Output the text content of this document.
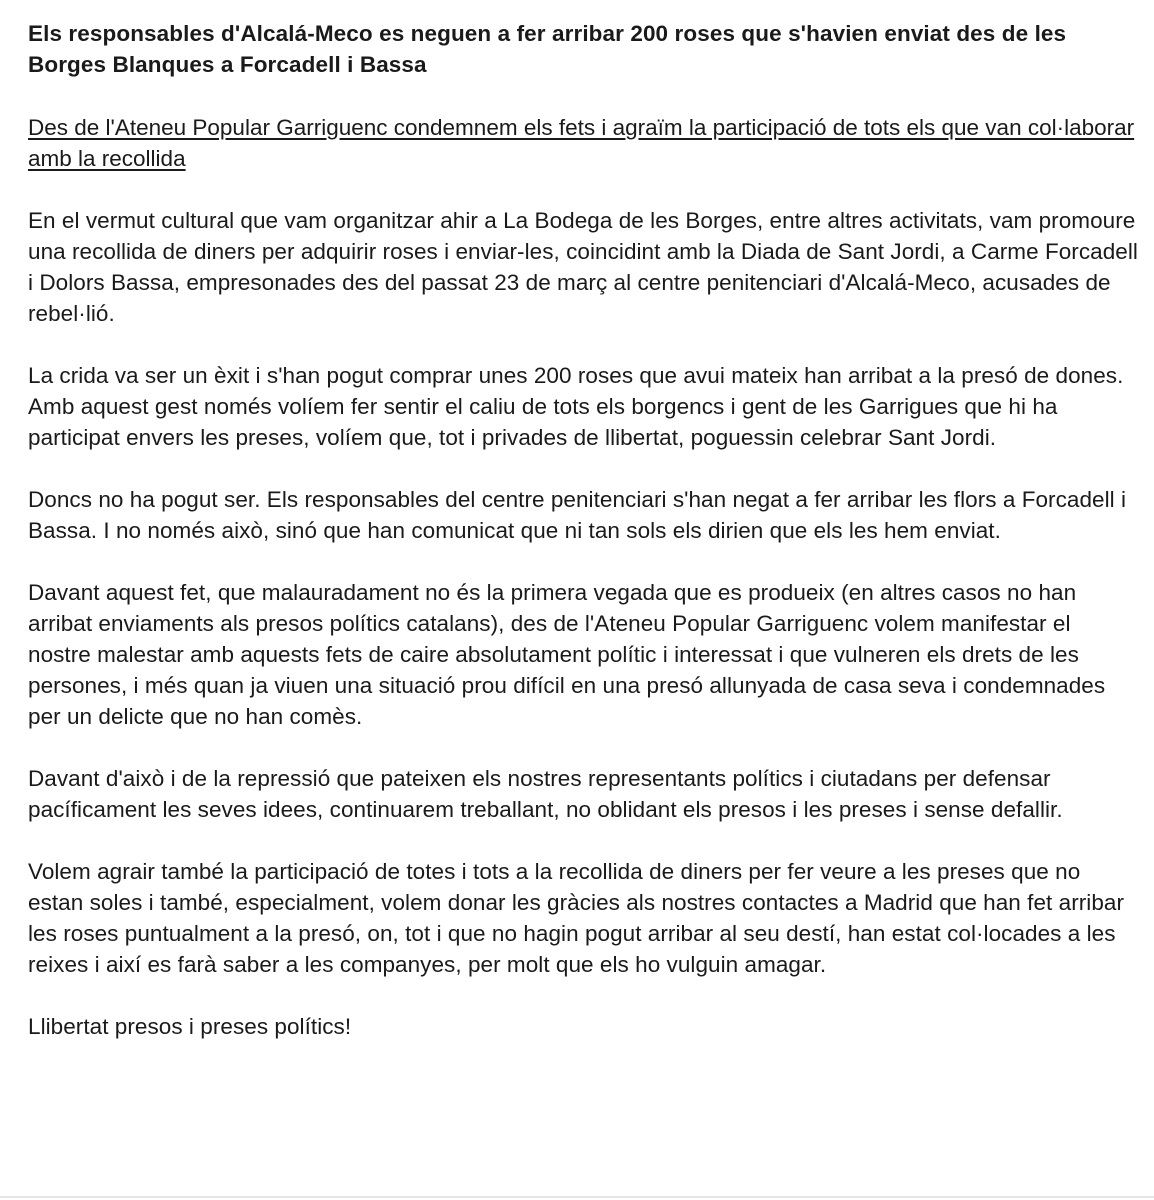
Els responsables d'Alcalá-Meco es neguen a fer arribar 200 roses que s'havien enviat des de les Borges Blanques a Forcadell i Bassa
Des de l'Ateneu Popular Garriguenc condemnem els fets i agraïm la participació de tots els que van col·laborar amb la recollida
En el vermut cultural que vam organitzar ahir a La Bodega de les Borges, entre altres activitats, vam promoure una recollida de diners per adquirir roses i enviar-les, coincidint amb la Diada de Sant Jordi, a Carme Forcadell i Dolors Bassa, empresonades des del passat 23 de març al centre penitenciari d'Alcalá-Meco, acusades de rebel·lió.
La crida va ser un èxit i s'han pogut comprar unes 200 roses que avui mateix han arribat a la presó de dones. Amb aquest gest només volíem fer sentir el caliu de tots els borgencs i gent de les Garrigues que hi ha participat envers les preses, volíem que, tot i privades de llibertat, poguessin celebrar Sant Jordi.
Doncs no ha pogut ser. Els responsables del centre penitenciari s'han negat a fer arribar les flors a Forcadell i Bassa. I no només això, sinó que han comunicat que ni tan sols els dirien que els les hem enviat.
Davant aquest fet, que malauradament no és la primera vegada que es produeix (en altres casos no han arribat enviaments als presos polítics catalans), des de l'Ateneu Popular Garriguenc volem manifestar el nostre malestar amb aquests fets de caire absolutament polític i interessat i que vulneren els drets de les persones, i més quan ja viuen una situació prou difícil en una presó allunyada de casa seva i condemnades per un delicte que no han comès.
Davant d'això i de la repressió que pateixen els nostres representants polítics i ciutadans per defensar pacíficament les seves idees, continuarem treballant, no oblidant els presos i les preses i sense defallir.
Volem agrair també la participació de totes i tots a la recollida de diners per fer veure a les preses que no estan soles i també, especialment, volem donar les gràcies als nostres contactes a Madrid que han fet arribar les roses puntualment a la presó, on, tot i que no hagin pogut arribar al seu destí, han estat col·locades a les reixes i així es farà saber a les companyes, per molt que els ho vulguin amagar.
Llibertat presos i preses polítics!
